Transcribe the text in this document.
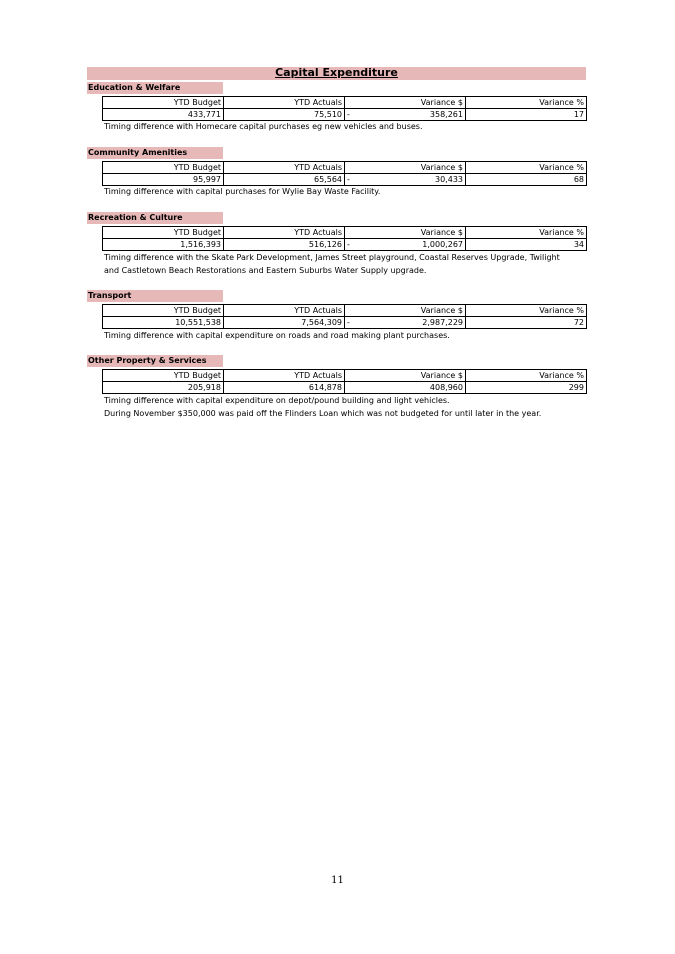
Capital Expenditure
Education & Welfare
YTD Budget	YTD Actuals	Variance $	Variance %
433,771	75,510	- 358,261	17
Timing difference with Homecare capital purchases eg new vehicles and buses.
Community Amenities
YTD Budget	YTD Actuals	Variance $	Variance %
95,997	65,564	- 30,433	68
Timing difference with capital purchases for Wylie Bay Waste Facility.
Recreation & Culture
YTD Budget	YTD Actuals	Variance $	Variance %
1,516,393	516,126	- 1,000,267	34
Timing difference with the Skate Park Development, James Street playground, Coastal Reserves Upgrade, Twilight
and Castletown Beach Restorations and Eastern Suburbs Water Supply upgrade.
Transport
YTD Budget	YTD Actuals	Variance $	Variance %
10,551,538	7,564,309	- 2,987,229	72
Timing difference with capital expenditure on roads and road making plant purchases.
Other Property & Services
YTD Budget	YTD Actuals	Variance $	Variance %
205,918	614,878	408,960	299
Timing difference with capital expenditure on depot/pound building and light vehicles.
During November $350,000 was paid off the Flinders Loan which was not budgeted for until later in the year.
11
